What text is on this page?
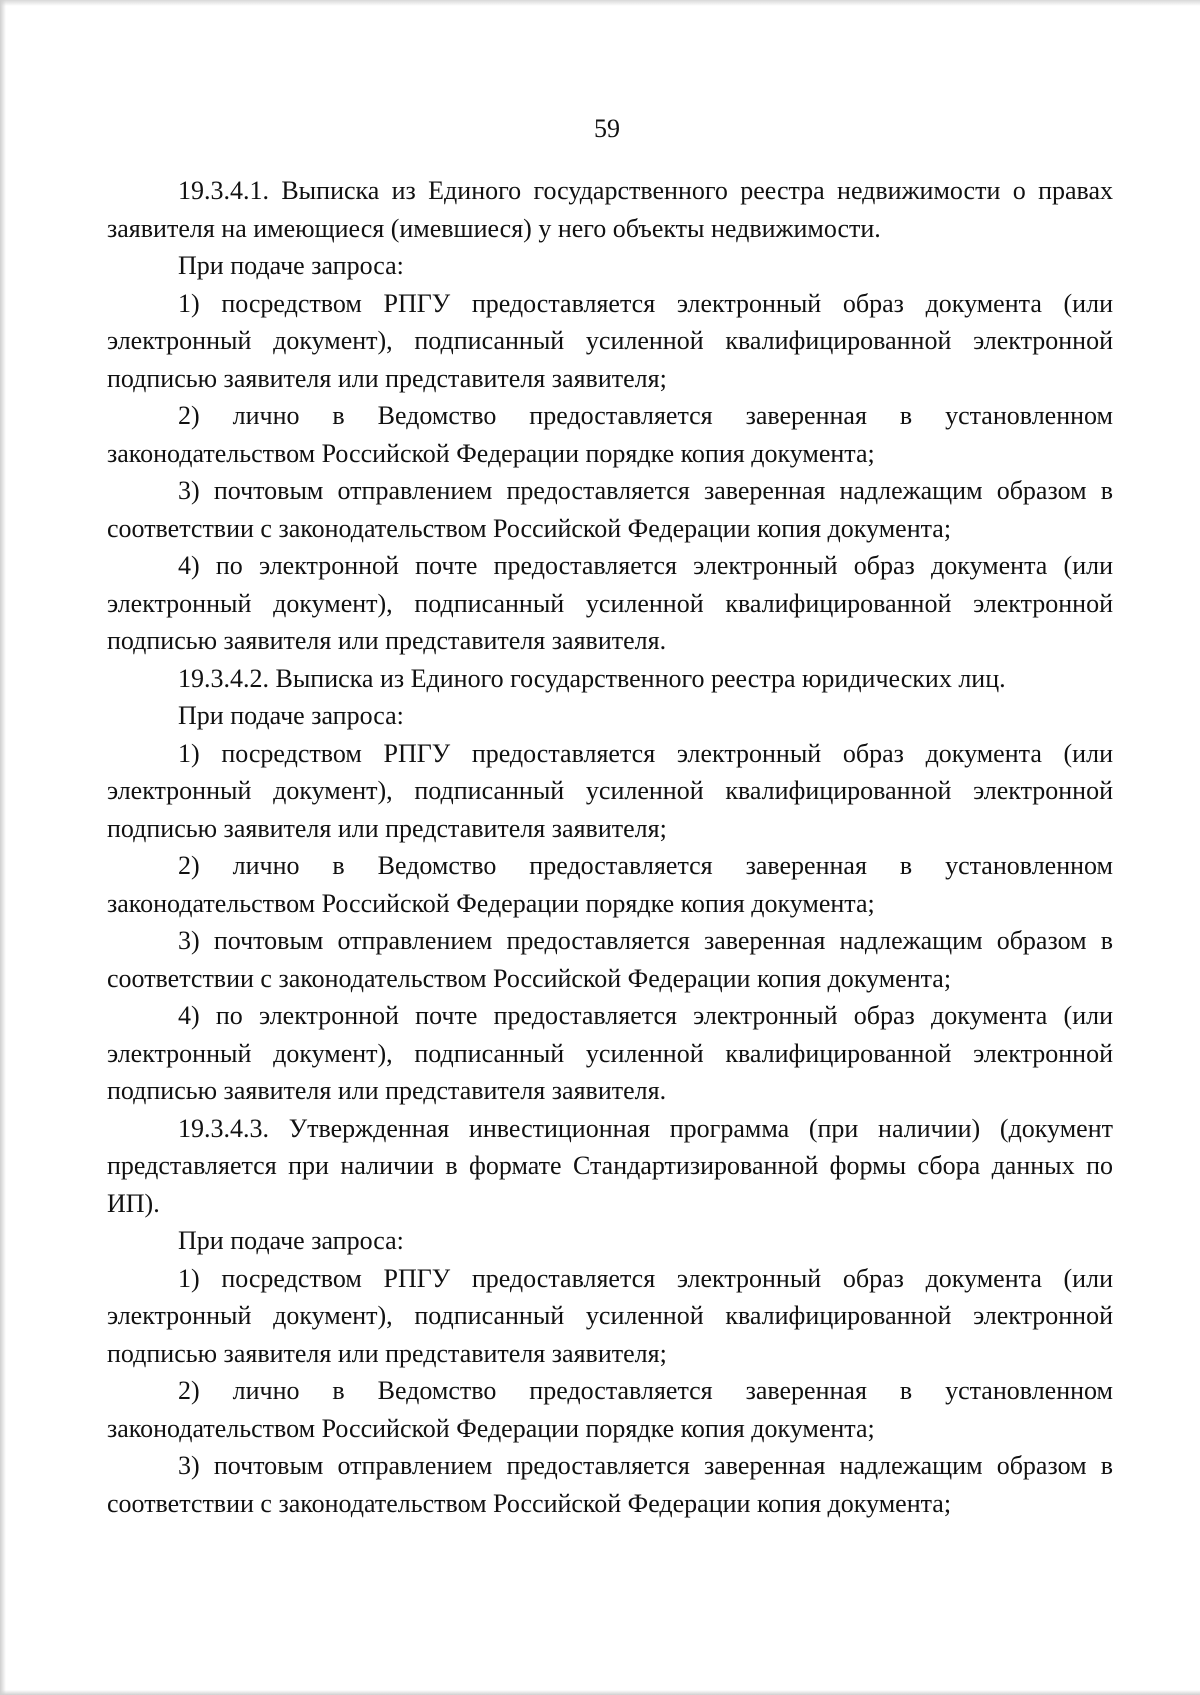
59

19.3.4.1. Выписка из Единого государственного реестра недвижимости о правах заявителя на имеющиеся (имевшиеся) у него объекты недвижимости.

При подаче запроса:

1) посредством РПГУ предоставляется электронный образ документа (или электронный документ), подписанный усиленной квалифицированной электронной подписью заявителя или представителя заявителя;

2) лично в Ведомство предоставляется заверенная в установленном законодательством Российской Федерации порядке копия документа;

3) почтовым отправлением предоставляется заверенная надлежащим образом в соответствии с законодательством Российской Федерации копия документа;

4) по электронной почте предоставляется электронный образ документа (или электронный документ), подписанный усиленной квалифицированной электронной подписью заявителя или представителя заявителя.

19.3.4.2. Выписка из Единого государственного реестра юридических лиц.

При подаче запроса:

1) посредством РПГУ предоставляется электронный образ документа (или электронный документ), подписанный усиленной квалифицированной электронной подписью заявителя или представителя заявителя;

2) лично в Ведомство предоставляется заверенная в установленном законодательством Российской Федерации порядке копия документа;

3) почтовым отправлением предоставляется заверенная надлежащим образом в соответствии с законодательством Российской Федерации копия документа;

4) по электронной почте предоставляется электронный образ документа (или электронный документ), подписанный усиленной квалифицированной электронной подписью заявителя или представителя заявителя.

19.3.4.3. Утвержденная инвестиционная программа (при наличии) (документ представляется при наличии в формате Стандартизированной формы сбора данных по ИП).

При подаче запроса:

1) посредством РПГУ предоставляется электронный образ документа (или электронный документ), подписанный усиленной квалифицированной электронной подписью заявителя или представителя заявителя;

2) лично в Ведомство предоставляется заверенная в установленном законодательством Российской Федерации порядке копия документа;

3) почтовым отправлением предоставляется заверенная надлежащим образом в соответствии с законодательством Российской Федерации копия документа;
